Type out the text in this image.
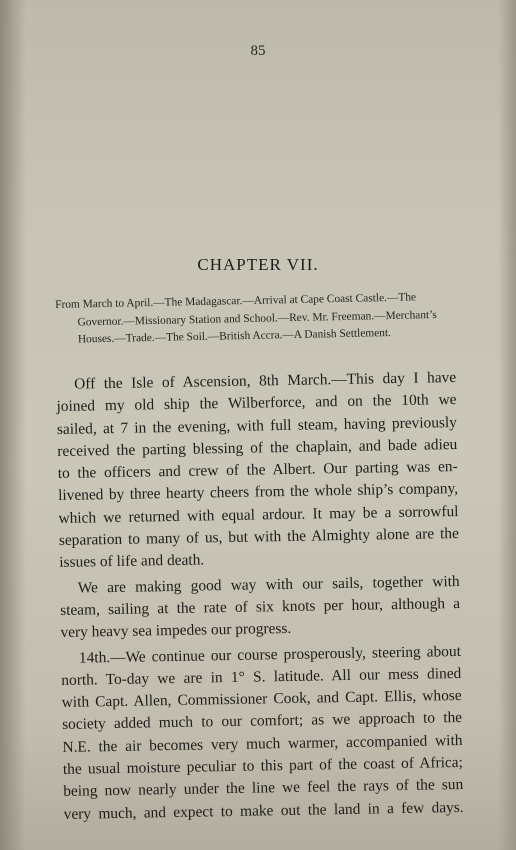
85
CHAPTER VII.
From March to April.—The Madagascar.—Arrival at Cape Coast Castle.—The
Governor.—Missionary Station and School.—Rev. Mr. Freeman.—Merchant’s
Houses.—Trade.—The Soil.—British Accra.—A Danish Settlement.
Off the Isle of Ascension, 8th March.—This day I have
joined my old ship the Wilberforce, and on the 10th we
sailed, at 7 in the evening, with full steam, having previously
received the parting blessing of the chaplain, and bade adieu
to the officers and crew of the Albert. Our parting was en-
livened by three hearty cheers from the whole ship’s company,
which we returned with equal ardour. It may be a sorrowful
separation to many of us, but with the Almighty alone are the
issues of life and death.
We are making good way with our sails, together with
steam, sailing at the rate of six knots per hour, although a
very heavy sea impedes our progress.
14th.—We continue our course prosperously, steering about
north. To-day we are in 1° S. latitude. All our mess dined
with Capt. Allen, Commissioner Cook, and Capt. Ellis, whose
society added much to our comfort; as we approach to the
N.E. the air becomes very much warmer, accompanied with
the usual moisture peculiar to this part of the coast of Africa;
being now nearly under the line we feel the rays of the sun
very much, and expect to make out the land in a few days.
